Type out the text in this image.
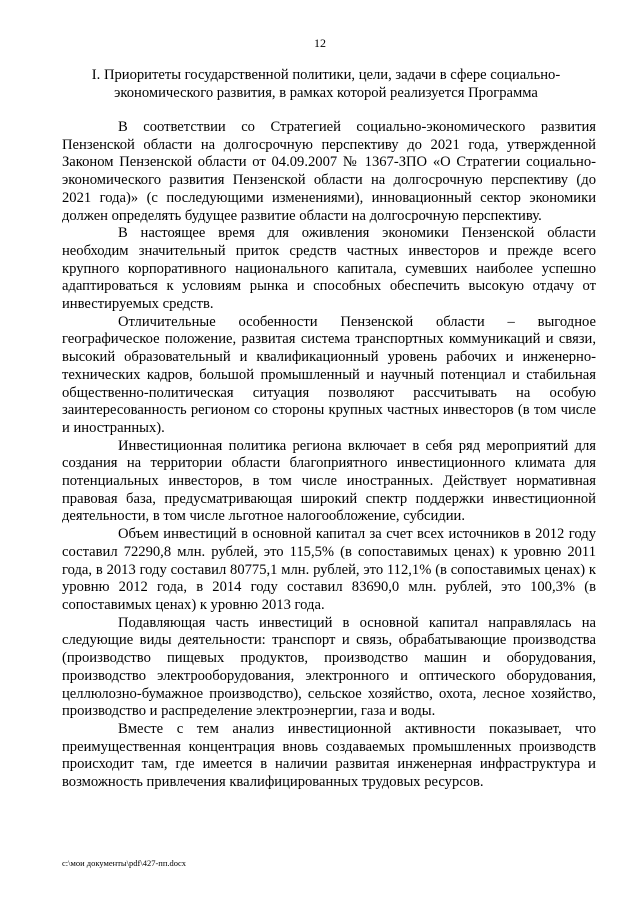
12
I. Приоритеты государственной политики, цели, задачи в сфере социально-экономического развития, в рамках которой реализуется Программа

В соответствии со Стратегией социально-экономического развития Пензенской области на долгосрочную перспективу до 2021 года, утвержденной Законом Пензенской области от 04.09.2007 № 1367-ЗПО «О Стратегии социально-экономического развития Пензенской области на долгосрочную перспективу (до 2021 года)» (с последующими изменениями), инновационный сектор экономики должен определять будущее развитие области на долгосрочную перспективу.

В настоящее время для оживления экономики Пензенской области необходим значительный приток средств частных инвесторов и прежде всего крупного корпоративного национального капитала, сумевших наиболее успешно адаптироваться к условиям рынка и способных обеспечить высокую отдачу от инвестируемых средств.

Отличительные особенности Пензенской области – выгодное географическое положение, развитая система транспортных коммуникаций и связи, высокий образовательный и квалификационный уровень рабочих и инженерно-технических кадров, большой промышленный и научный потенциал и стабильная общественно-политическая ситуация позволяют рассчитывать на особую заинтересованность регионом со стороны крупных частных инвесторов (в том числе и иностранных).

Инвестиционная политика региона включает в себя ряд мероприятий для создания на территории области благоприятного инвестиционного климата для потенциальных инвесторов, в том числе иностранных. Действует нормативная правовая база, предусматривающая широкий спектр поддержки инвестиционной деятельности, в том числе льготное налогообложение, субсидии.

Объем инвестиций в основной капитал за счет всех источников в 2012 году составил 72290,8 млн. рублей, это 115,5% (в сопоставимых ценах) к уровню 2011 года, в 2013 году составил 80775,1 млн. рублей, это 112,1% (в сопоставимых ценах) к уровню 2012 года, в 2014 году составил 83690,0 млн. рублей, это 100,3% (в сопоставимых ценах) к уровню 2013 года.

Подавляющая часть инвестиций в основной капитал направлялась на следующие виды деятельности: транспорт и связь, обрабатывающие производства (производство пищевых продуктов, производство машин и оборудования, производство электрооборудования, электронного и оптического оборудования, целлюлозно-бумажное производство), сельское хозяйство, охота, лесное хозяйство, производство и распределение электроэнергии, газа и воды.

Вместе с тем анализ инвестиционной активности показывает, что преимущественная концентрация вновь создаваемых промышленных производств происходит там, где имеется в наличии развитая инженерная инфраструктура и возможность привлечения квалифицированных трудовых ресурсов.

c:\мои документы\pdf\427-пп.docx
